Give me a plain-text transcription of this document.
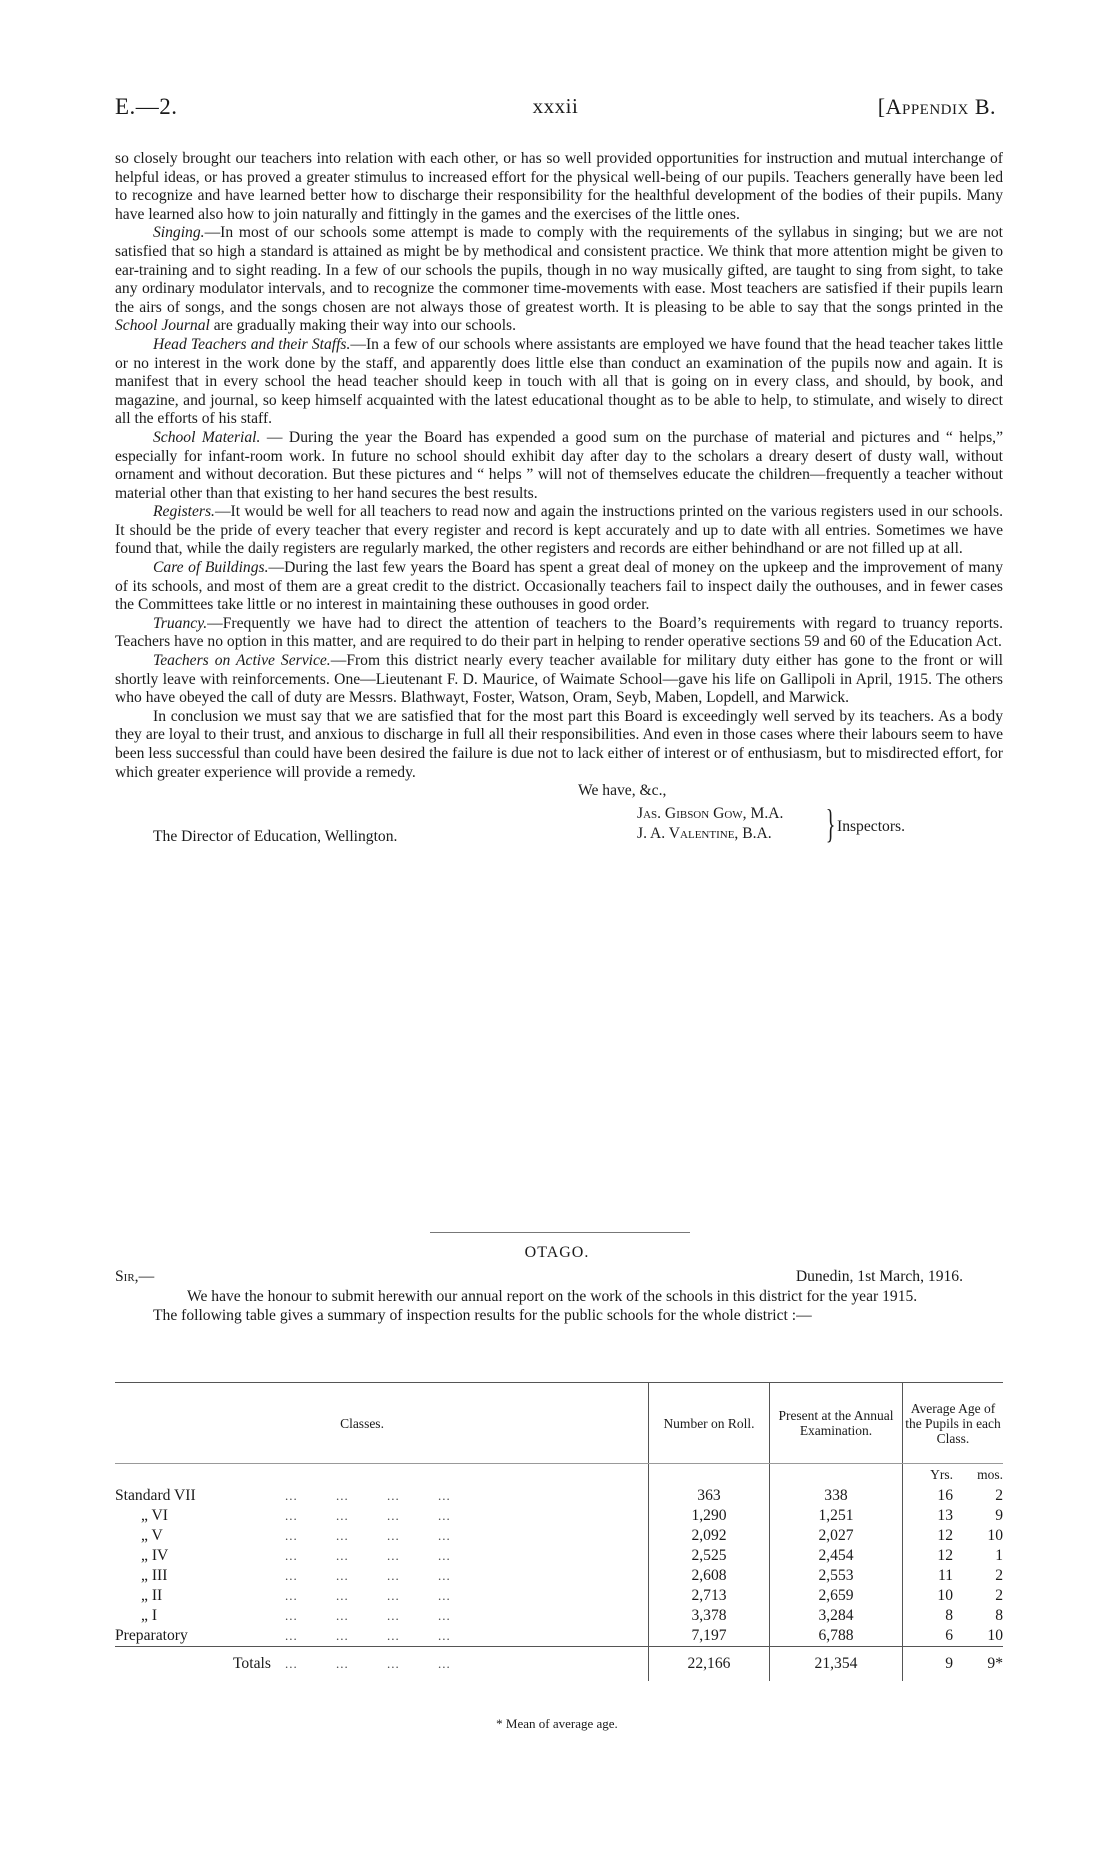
E.—2.	xxxii	[Appendix B.

so closely brought our teachers into relation with each other, or has so well provided opportunities for instruction and mutual interchange of helpful ideas, or has proved a greater stimulus to increased effort for the physical well-being of our pupils. Teachers generally have been led to recognize and have learned better how to discharge their responsibility for the healthful development of the bodies of their pupils. Many have learned also how to join naturally and fittingly in the games and the exercises of the little ones.

Singing.—In most of our schools some attempt is made to comply with the requirements of the syllabus in singing; but we are not satisfied that so high a standard is attained as might be by methodical and consistent practice. We think that more attention might be given to ear-training and to sight reading. In a few of our schools the pupils, though in no way musically gifted, are taught to sing from sight, to take any ordinary modulator intervals, and to recognize the commoner time-movements with ease. Most teachers are satisfied if their pupils learn the airs of songs, and the songs chosen are not always those of greatest worth. It is pleasing to be able to say that the songs printed in the School Journal are gradually making their way into our schools.

Head Teachers and their Staffs.—In a few of our schools where assistants are employed we have found that the head teacher takes little or no interest in the work done by the staff, and apparently does little else than conduct an examination of the pupils now and again. It is manifest that in every school the head teacher should keep in touch with all that is going on in every class, and should, by book, and magazine, and journal, so keep himself acquainted with the latest educational thought as to be able to help, to stimulate, and wisely to direct all the efforts of his staff.

School Material. — During the year the Board has expended a good sum on the purchase of material and pictures and “ helps,” especially for infant-room work. In future no school should exhibit day after day to the scholars a dreary desert of dusty wall, without ornament and without decoration. But these pictures and “ helps ” will not of themselves educate the children—frequently a teacher without material other than that existing to her hand secures the best results.

Registers.—It would be well for all teachers to read now and again the instructions printed on the various registers used in our schools. It should be the pride of every teacher that every register and record is kept accurately and up to date with all entries. Sometimes we have found that, while the daily registers are regularly marked, the other registers and records are either behindhand or are not filled up at all.

Care of Buildings.—During the last few years the Board has spent a great deal of money on the upkeep and the improvement of many of its schools, and most of them are a great credit to the district. Occasionally teachers fail to inspect daily the outhouses, and in fewer cases the Committees take little or no interest in maintaining these outhouses in good order.

Truancy.—Frequently we have had to direct the attention of teachers to the Board’s requirements with regard to truancy reports. Teachers have no option in this matter, and are required to do their part in helping to render operative sections 59 and 60 of the Education Act.

Teachers on Active Service.—From this district nearly every teacher available for military duty either has gone to the front or will shortly leave with reinforcements. One—Lieutenant F. D. Maurice, of Waimate School—gave his life on Gallipoli in April, 1915. The others who have obeyed the call of duty are Messrs. Blathwayt, Foster, Watson, Oram, Seyb, Maben, Lopdell, and Marwick.

In conclusion we must say that we are satisfied that for the most part this Board is exceedingly well served by its teachers. As a body they are loyal to their trust, and anxious to discharge in full all their responsibilities. And even in those cases where their labours seem to have been less successful than could have been desired the failure is due not to lack either of interest or of enthusiasm, but to misdirected effort, for which greater experience will provide a remedy.

We have, &c.,
The Director of Education, Wellington.
Jas. Gibson Gow, M.A.
J. A. Valentine, B.A. } Inspectors.
OTAGO.
Sir,—	Dunedin, 1st March, 1916.

We have the honour to submit herewith our annual report on the work of the schools in this district for the year 1915.

The following table gives a summary of inspection results for the public schools for the whole district :—

Classes.		Number on Roll.	Present at the Annual Examination.	Average Age of the Pupils in each Class.	
				Yrs.	mos.
Standard VII	...         ...         ...         ...	363	338	16	2
„ VI	...         ...         ...         ...	1,290	1,251	13	9
„ V	...         ...         ...         ...	2,092	2,027	12	10
„ IV	...         ...         ...         ...	2,525	2,454	12	1
„ III	...         ...         ...         ...	2,608	2,553	11	2
„ II	...         ...         ...         ...	2,713	2,659	10	2
„ I	...         ...         ...         ...	3,378	3,284	8	8
Preparatory	...         ...         ...         ...	7,197	6,788	6	10
Totals	...         ...         ...         ...	22,166	21,354	9	9*
* Mean of average age.
